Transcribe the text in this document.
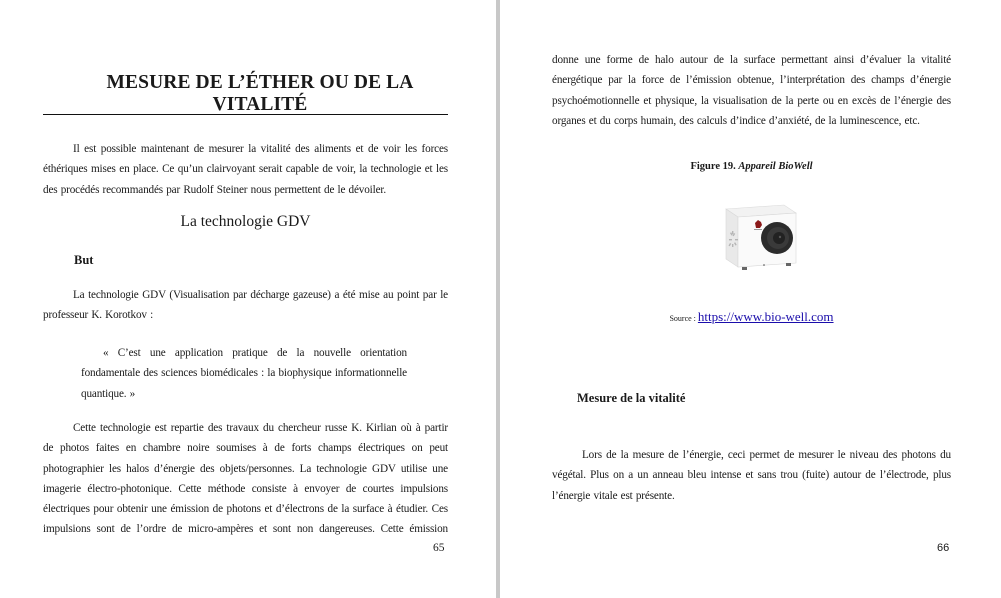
MESURE DE L’ÉTHER OU DE LA VITALITÉ

Il est possible maintenant de mesurer la vitalité des aliments et de voir les forces éthériques mises en place. Ce qu’un clairvoyant serait capable de voir, la technologie et les des procédés recommandés par Rudolf Steiner nous permettent de le dévoiler.

La technologie GDV
But

La technologie GDV (Visualisation par décharge gazeuse) a été mise au point par le professeur K. Korotkov :

« C’est une application pratique de la nouvelle orientation fondamentale des sciences biomédicales : la biophysique informationnelle quantique. »

Cette technologie est repartie des travaux du chercheur russe K. Kirlian où à partir de photos faites en chambre noire soumises à de forts champs électriques on peut photographier les halos d’énergie des objets/personnes. La technologie GDV utilise une imagerie électro-photonique. Cette méthode consiste à envoyer de courtes impulsions électriques pour obtenir une émission de photons et d’électrons de la surface à étudier. Ces impulsions sont de l’ordre de micro-ampères et sont non dangereuses. Cette émission

65

donne une forme de halo autour de la surface permettant ainsi d’évaluer la vitalité énergétique par la force de l’émission obtenue, l’interprétation des champs d’énergie psychoémotionnelle et physique, la visualisation de la perte ou en excès de l’énergie des organes et du corps humain, des calculs d’indice d’anxiété, de la luminescence, etc.

Figure 19. Appareil BioWell

Source : https://www.bio-well.com

Mesure de la vitalité

Lors de la mesure de l’énergie, ceci permet de mesurer le niveau des photons du végétal. Plus on a un anneau bleu intense et sans trou (fuite) autour de l’électrode, plus l’énergie vitale est présente.

66
